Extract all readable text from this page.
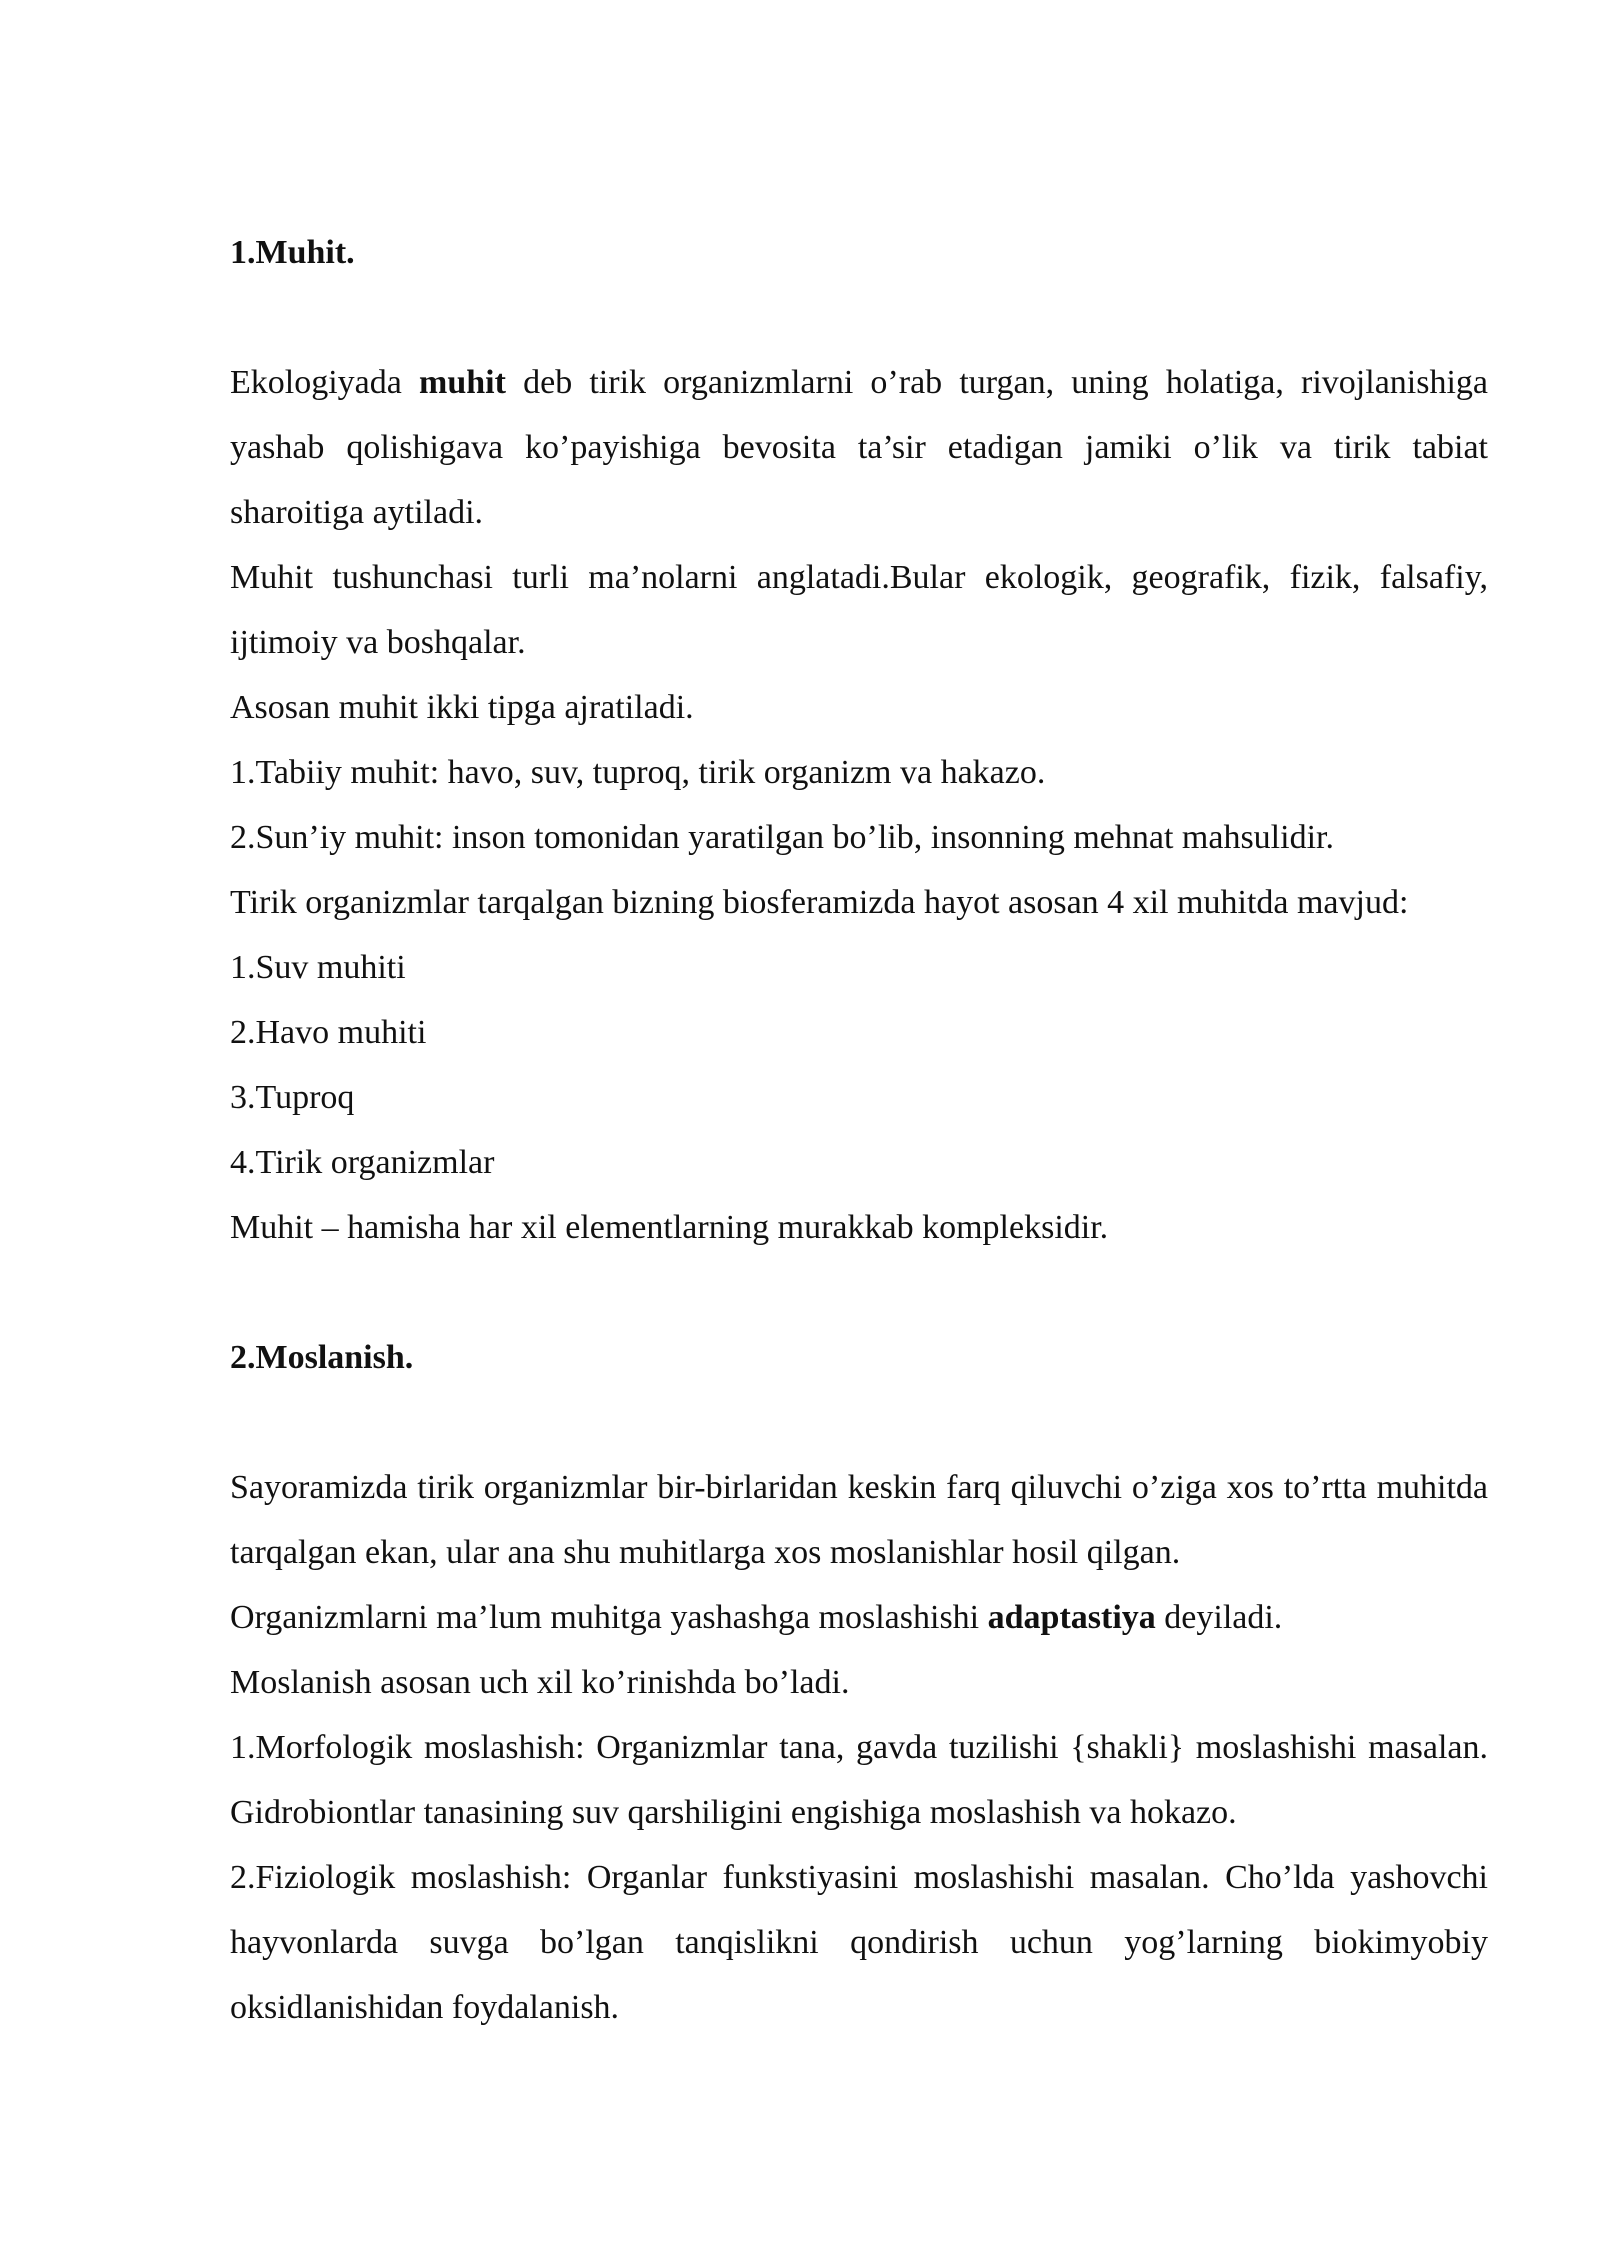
1.Muhit.

Ekologiyada muhit deb tirik organizmlarni o’rab turgan, uning holatiga, rivojlanishiga yashab qolishigava ko’payishiga bevosita ta’sir etadigan jamiki o’lik va tirik tabiat sharoitiga aytiladi.

Muhit tushunchasi turli ma’nolarni anglatadi.Bular ekologik, geografik, fizik, falsafiy, ijtimoiy va boshqalar.

Asosan muhit ikki tipga ajratiladi.

1.Tabiiy muhit: havo, suv, tuproq, tirik organizm va hakazo.

2.Sun’iy muhit: inson tomonidan yaratilgan bo’lib, insonning mehnat mahsulidir.

Tirik organizmlar tarqalgan bizning biosferamizda hayot asosan 4 xil muhitda mavjud:

1.Suv muhiti

2.Havo muhiti

3.Tuproq

4.Tirik organizmlar

Muhit – hamisha har xil elementlarning murakkab kompleksidir.

2.Moslanish.

Sayoramizda tirik organizmlar bir-birlaridan keskin farq qiluvchi o’ziga xos to’rtta muhitda tarqalgan ekan, ular ana shu muhitlarga xos moslanishlar hosil qilgan.

Organizmlarni ma’lum muhitga yashashga moslashishi adaptastiya deyiladi.

Moslanish asosan uch xil ko’rinishda bo’ladi.

1.Morfologik moslashish: Organizmlar tana, gavda tuzilishi {shakli} moslashishi masalan. Gidrobiontlar tanasining suv qarshiligini engishiga moslashish va hokazo.

2.Fiziologik moslashish: Organlar funkstiyasini moslashishi masalan. Cho’lda yashovchi hayvonlarda suvga bo’lgan tanqislikni qondirish uchun yog’larning biokimyobiy oksidlanishidan foydalanish.
